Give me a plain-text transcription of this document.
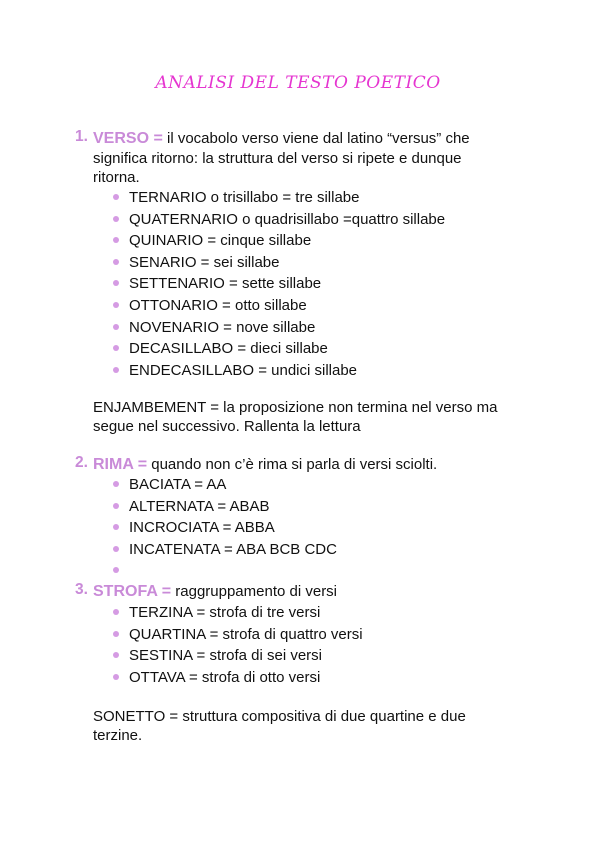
ANALISI DEL TESTO POETICO
1. VERSO = il vocabolo verso viene dal latino “versus” che
significa ritorno: la struttura del verso si ripete e dunque
ritorna.
TERNARIO o trisillabo = tre sillabe
QUATERNARIO o quadrisillabo =quattro sillabe
QUINARIO = cinque sillabe
SENARIO = sei sillabe
SETTENARIO = sette sillabe
OTTONARIO = otto sillabe
NOVENARIO = nove sillabe
DECASILLABO = dieci sillabe
ENDECASILLABO = undici sillabe
ENJAMBEMENT = la proposizione non termina nel verso ma
segue nel successivo. Rallenta la lettura
2. RIMA = quando non c’è rima si parla di versi sciolti.
BACIATA = AA
ALTERNATA = ABAB
INCROCIATA = ABBA
INCATENATA = ABA BCB CDC
3. STROFA = raggruppamento di versi
TERZINA = strofa di tre versi
QUARTINA = strofa di quattro versi
SESTINA = strofa di sei versi
OTTAVA = strofa di otto versi
SONETTO = struttura compositiva di due quartine e due
terzine.
